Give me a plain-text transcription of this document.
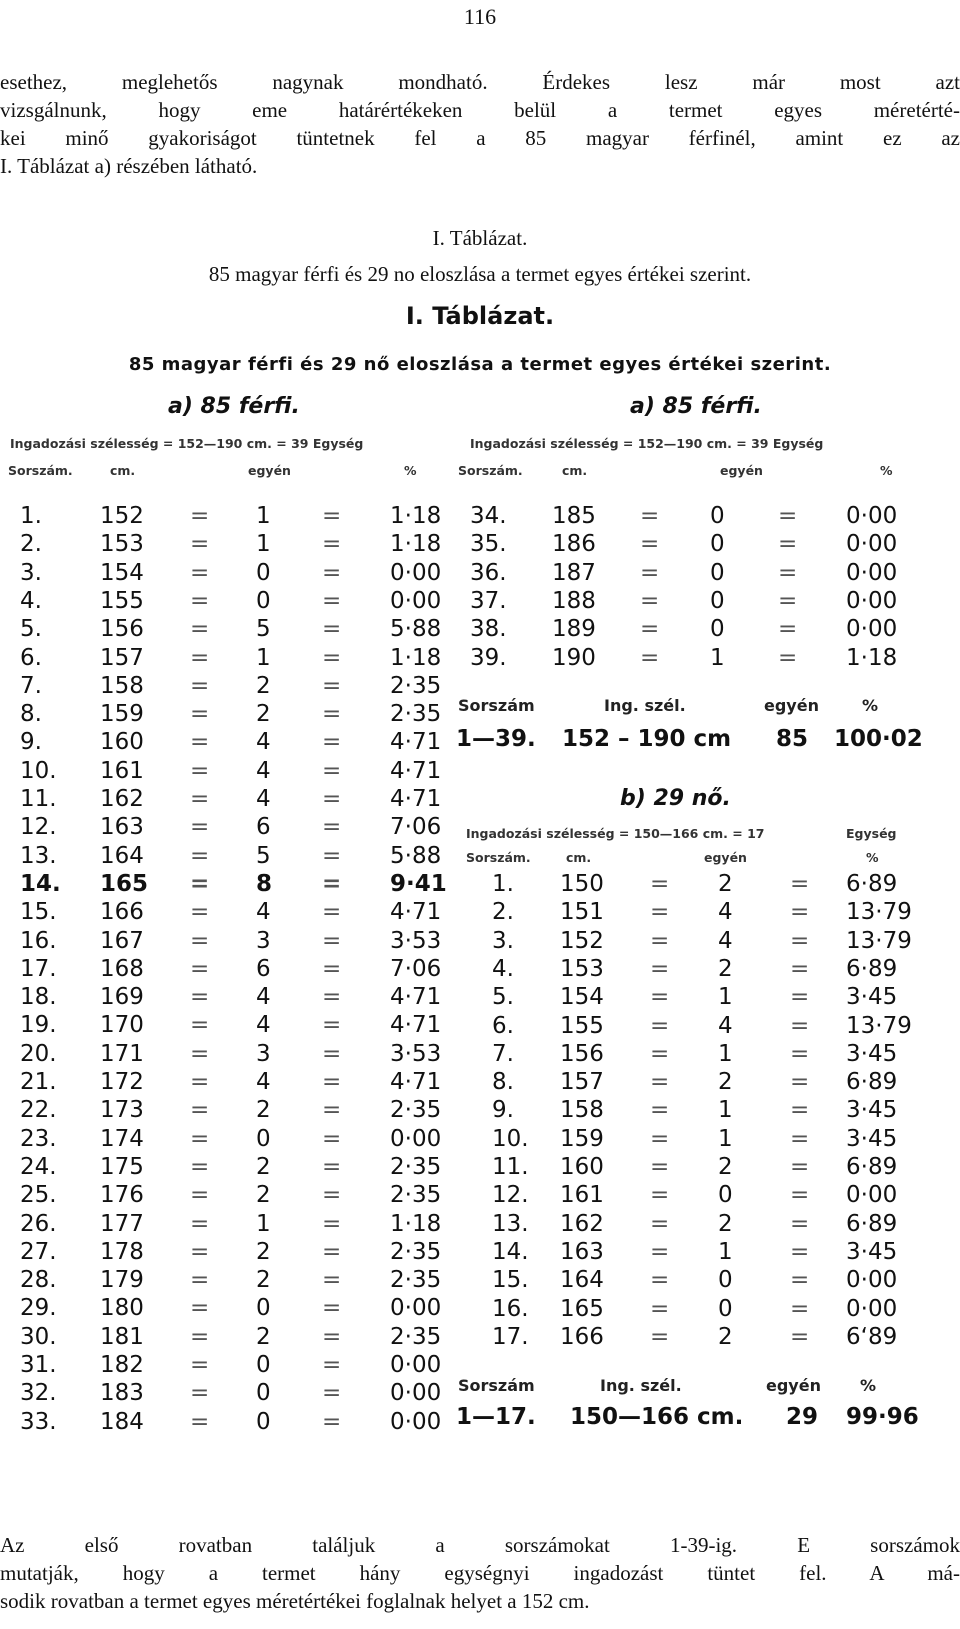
116
esethez, meglehetős nagynak mondható. Érdekes lesz már most azt
vizsgálnunk, hogy eme határértékeken belül a termet egyes méretérté-
kei minő gyakoriságot tüntetnek fel a 85 magyar férfinél, amint ez az
I. Táblázat a) részében látható.
I. Táblázat.
85 magyar férfi és 29 no eloszlása a termet egyes értékei szerint.
I. Táblázat.
85 magyar férfi és 29 nő eloszlása a termet egyes értékei szerint.
a) 85 férfi.
Ingadozási szélesség = 152—190 cm. = 39 Egység
Sorszám.	cm.	egyén	%
a) 85 férfi.
Ingadozási szélesség = 152—190 cm. = 39 Egység
Sorszám.	cm.	egyén	%
Sorszám	Ing. szél.	egyén	%
1—39. 152 – 190 cm 85 100·02
b) 29 nő.
Ingadozási szélesség = 150—166 cm. = 17	Egység
Sorszám.	cm.	egyén	%
Sorszám	Ing. szél.	egyén %
1—17. 150—166 cm. 29 99·96
1.	152 = 1 = 1·18
2.	153 = 1 = 1·18
3.	154 = 0 = 0·00
4.	155 = 0 = 0·00
5.	156 = 5 = 5·88
6.	157 = 1 = 1·18
7.	158 = 2 = 2·35
8.	159 = 2 = 2·35
9.	160 = 4 = 4·71
10. 161 = 4 = 4·71
11. 162 = 4 = 4·71
12. 163 = 6 = 7·06
13. 164 = 5 = 5·88
14. 165 = 8 = 9·41
15. 166 = 4 = 4·71
16. 167 = 3 = 3·53
17. 168 = 6 = 7·06
18. 169 = 4 = 4·71
19. 170 = 4 = 4·71
20. 171 = 3 = 3·53
21. 172 = 4 = 4·71
22. 173 = 2 = 2·35
23. 174 = 0 = 0·00
24. 175 = 2 = 2·35
25. 176 = 2 = 2·35
26. 177 = 1 = 1·18
27. 178 = 2 = 2·35
28. 179 = 2 = 2·35
29. 180 = 0 = 0·00
30. 181 = 2 = 2·35
31. 182 = 0 = 0·00
32. 183 = 0 = 0·00
33. 184 = 0 = 0·00
34. 185 = 0 = 0·00
35. 186 = 0 = 0·00
36. 187 = 0 = 0·00
37. 188 = 0 = 0·00
38. 189 = 0 = 0·00
39. 190 = 1 = 1·18
1. 150 = 2 = 6·89
2. 151 = 4 = 13·79
3. 152 = 4 = 13·79
4. 153 = 2 = 6·89
5. 154 = 1 = 3·45
6. 155 = 4 = 13·79
7. 156 = 1 = 3·45
8. 157 = 2 = 6·89
9. 158 = 1 = 3·45
10. 159 = 1 = 3·45
11. 160 = 2 = 6·89
12. 161 = 0 = 0·00
13. 162 = 2 = 6·89
14. 163 = 1 = 3·45
15. 164 = 0 = 0·00
16. 165 = 0 = 0·00
17. 166 = 2 = 6‘89
Az első rovatban találjuk a sorszámokat 1-39-ig. E sorszámok
mutatják, hogy a termet hány egységnyi ingadozást tüntet fel. A má-
sodik rovatban a termet egyes méretértékei foglalnak helyet a 152 cm.
